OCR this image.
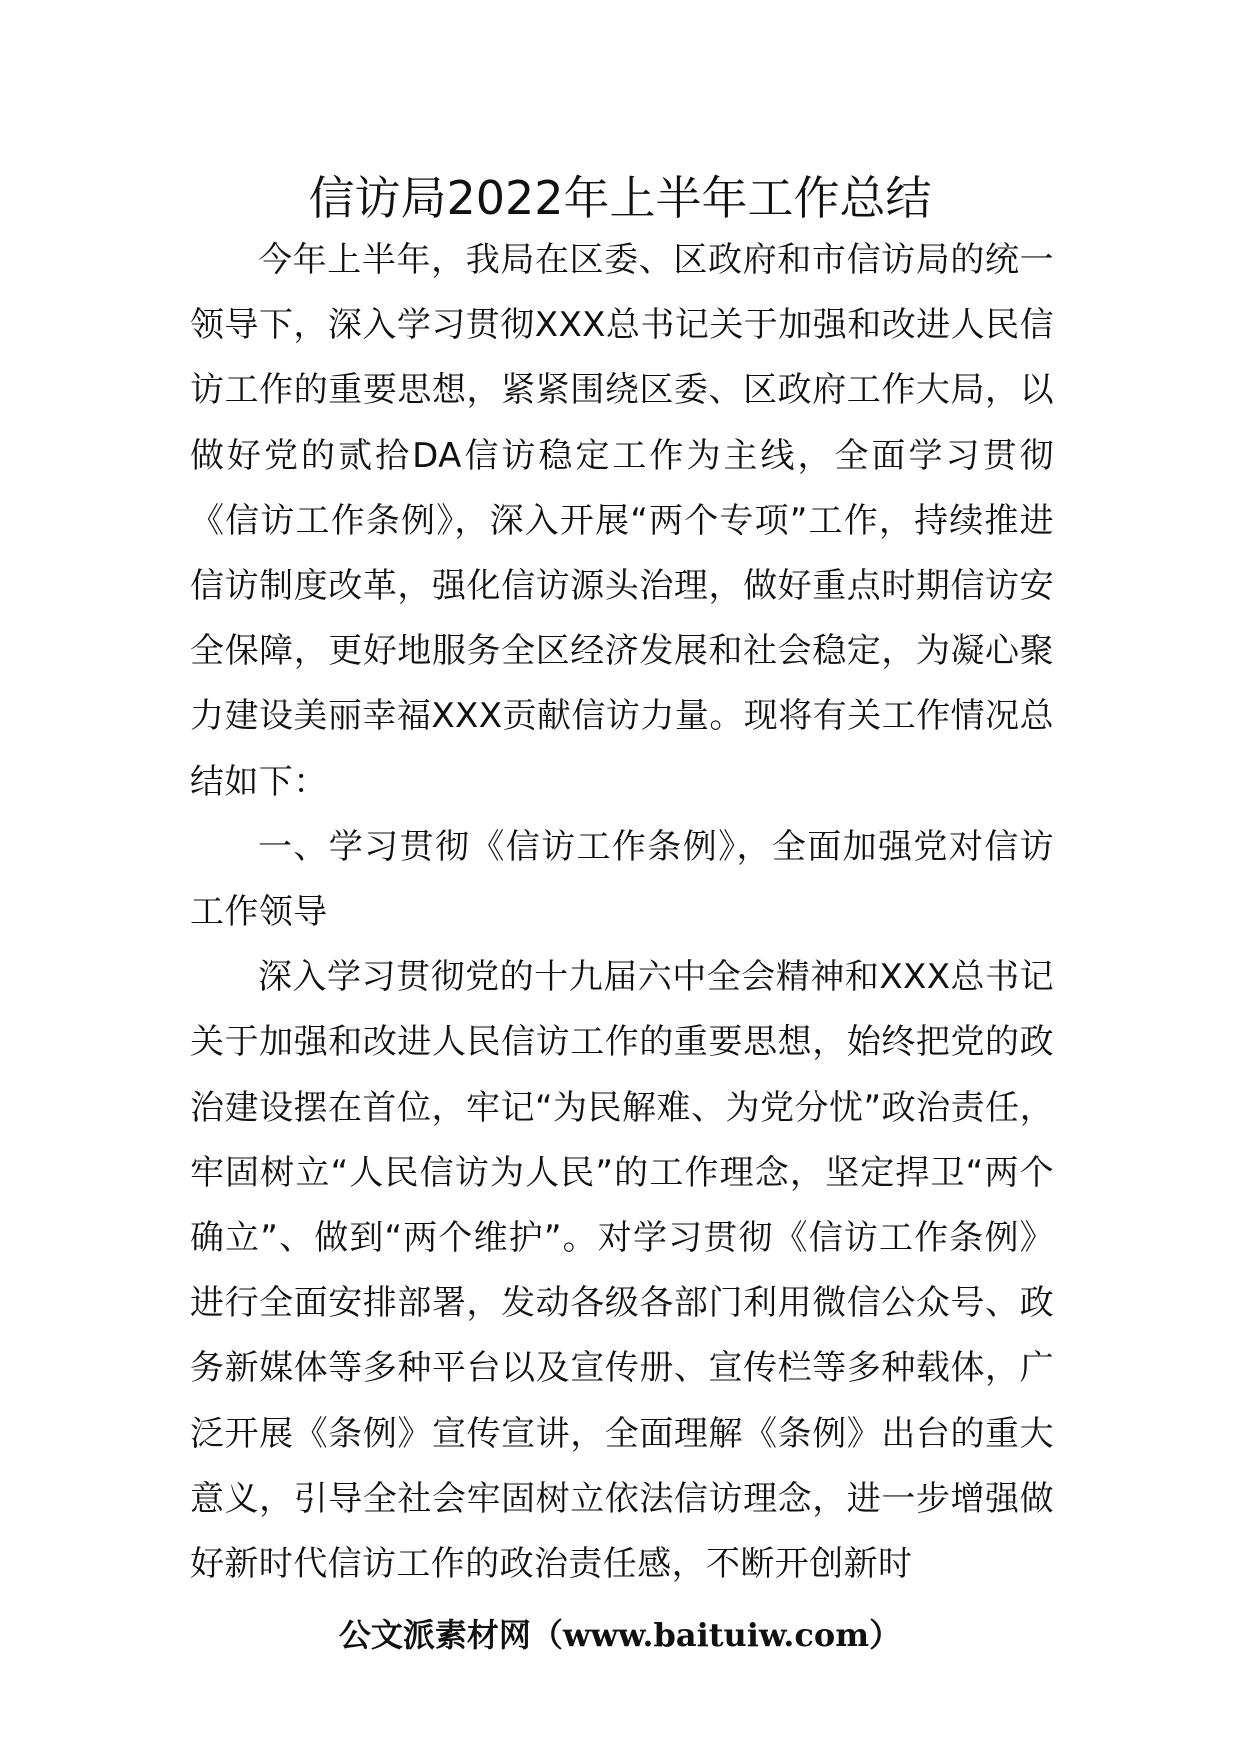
信访局2022年上半年工作总结

今年上半年，我局在区委、区政府和市信访局的统一领导下，深入学习贯彻XXX总书记关于加强和改进人民信访工作的重要思想，紧紧围绕区委、区政府工作大局，以做好党的贰拾DA信访稳定工作为主线，全面学习贯彻《信访工作条例》，深入开展“两个专项”工作，持续推进信访制度改革，强化信访源头治理，做好重点时期信访安全保障，更好地服务全区经济发展和社会稳定，为凝心聚力建设美丽幸福XXX贡献信访力量。现将有关工作情况总结如下：

一、学习贯彻《信访工作条例》，全面加强党对信访工作领导

深入学习贯彻党的十九届六中全会精神和XXX总书记关于加强和改进人民信访工作的重要思想，始终把党的政治建设摆在首位，牢记“为民解难、为党分忧”政治责任，牢固树立“人民信访为人民”的工作理念，坚定捍卫“两个确立”、做到“两个维护”。对学习贯彻《信访工作条例》进行全面安排部署，发动各级各部门利用微信公众号、政务新媒体等多种平台以及宣传册、宣传栏等多种载体，广泛开展《条例》宣传宣讲，全面理解《条例》出台的重大意义，引导全社会牢固树立依法信访理念，进一步增强做好新时代信访工作的政治责任感，不断开创新时

公文派素材网（www.baituiw.com）
